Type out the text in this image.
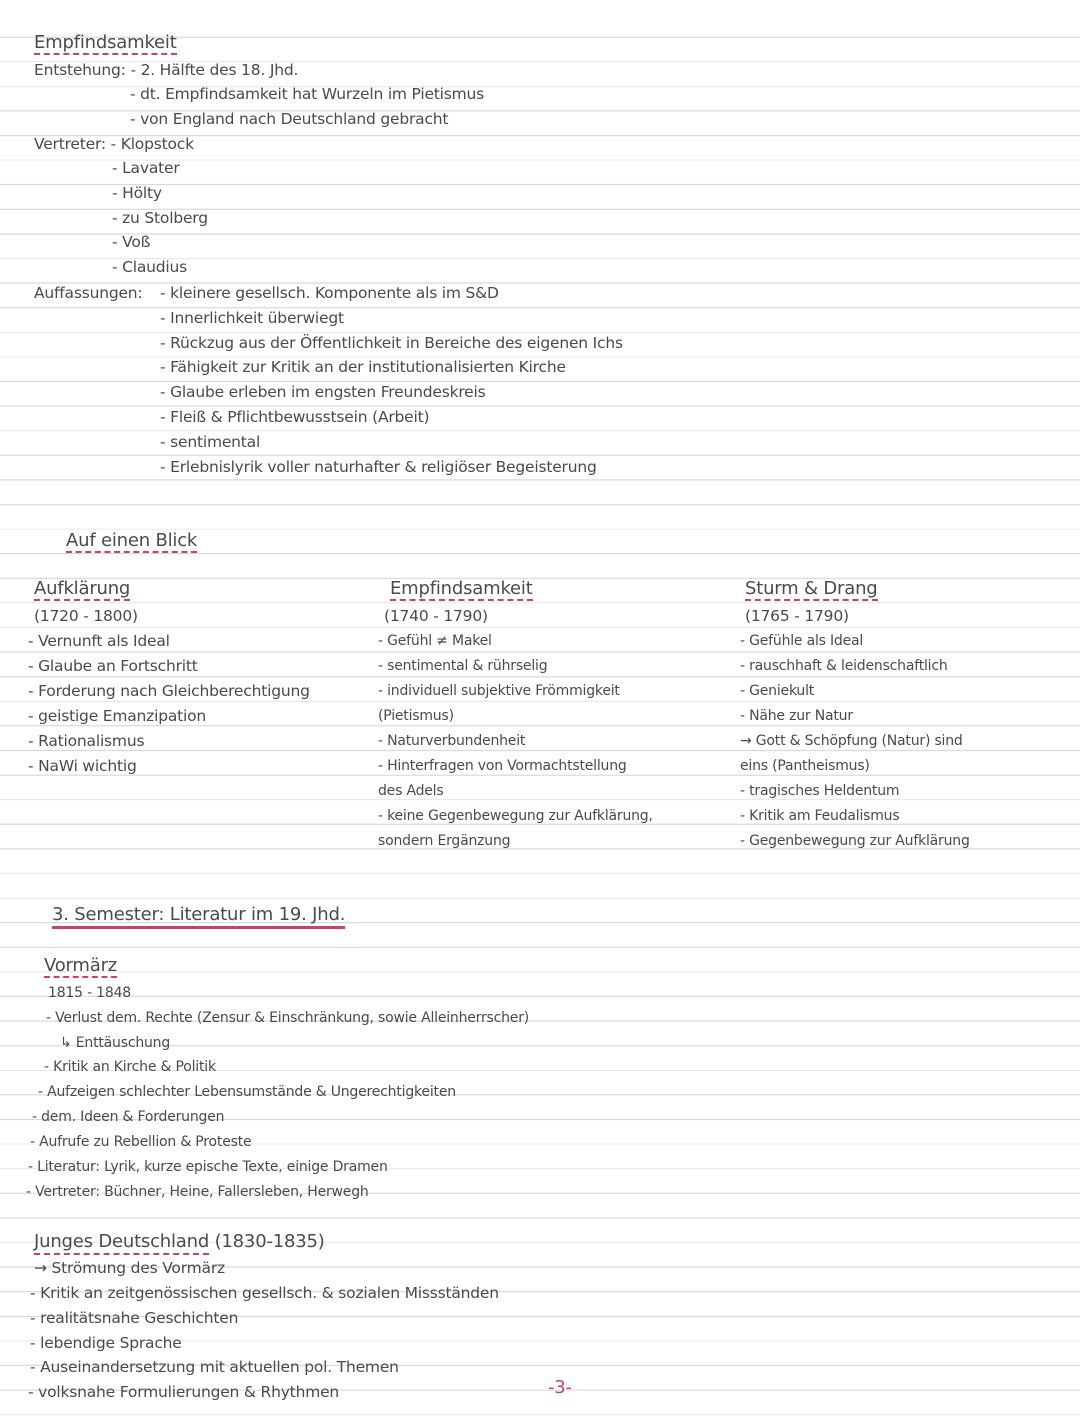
Empfindsamkeit
Entstehung: - 2. Hälfte des 18. Jhd.
- dt. Empfindsamkeit hat Wurzeln im Pietismus
- von England nach Deutschland gebracht
Vertreter: - Klopstock
- Lavater
- Hölty
- zu Stolberg
- Voß
- Claudius
Auffassungen: - kleinere gesellsch. Komponente als im S&D
- Innerlichkeit überwiegt
- Rückzug aus der Öffentlichkeit in Bereiche des eigenen Ichs
- Fähigkeit zur Kritik an der institutionalisierten Kirche
- Glaube erleben im engsten Freundeskreis
- Fleiß & Pflichtbewusstsein (Arbeit)
- sentimental
- Erlebnislyrik voller naturhafter & religiöser Begeisterung
Auf einen Blick
Aufklärung
(1720 - 1800)
- Vernunft als Ideal
- Glaube an Fortschritt
- Forderung nach Gleichberechtigung
- geistige Emanzipation
- Rationalismus
- NaWi wichtig
Empfindsamkeit
(1740 - 1790)
- Gefühl ≠ Makel
- sentimental & rührselig
- individuell subjektive Frömmigkeit
(Pietismus)
- Naturverbundenheit
- Hinterfragen von Vormachtstellung
des Adels
- keine Gegenbewegung zur Aufklärung,
sondern Ergänzung
Sturm & Drang
(1765 - 1790)
- Gefühle als Ideal
- rauschhaft & leidenschaftlich
- Geniekult
- Nähe zur Natur
→ Gott & Schöpfung (Natur) sind
eins (Pantheismus)
- tragisches Heldentum
- Kritik am Feudalismus
- Gegenbewegung zur Aufklärung
3. Semester: Literatur im 19. Jhd.
Vormärz
1815 - 1848
- Verlust dem. Rechte (Zensur & Einschränkung, sowie Alleinherrscher)
↳ Enttäuschung
- Kritik an Kirche & Politik
- Aufzeigen schlechter Lebensumstände & Ungerechtigkeiten
- dem. Ideen & Forderungen
- Aufrufe zu Rebellion & Proteste
- Literatur: Lyrik, kurze epische Texte, einige Dramen
- Vertreter: Büchner, Heine, Fallersleben, Herwegh
Junges Deutschland (1830-1835)
→ Strömung des Vormärz
- Kritik an zeitgenössischen gesellsch. & sozialen Missständen
- realitätsnahe Geschichten
- lebendige Sprache
- Auseinandersetzung mit aktuellen pol. Themen
- volksnahe Formulierungen & Rhythmen	-3-
